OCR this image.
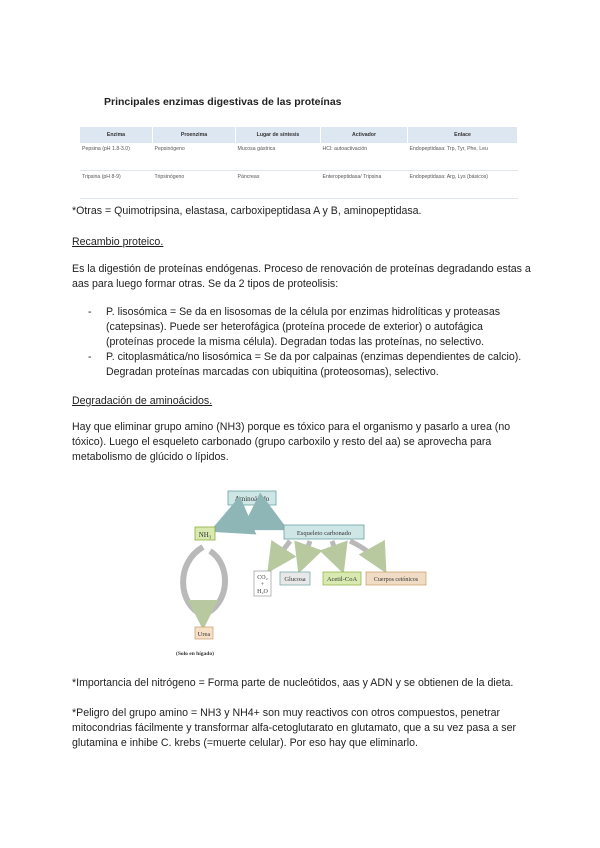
Principales enzimas digestivas de las proteínas
Enzima	Proenzima	Lugar de síntesis	Activador	Enlace
Pepsina (pH 1.8-3.0)	Pepsinógeno	Mucosa gástrica	HCl: autoactivación	Endopeptidasa: Trp, Tyr, Phe, Leu
Tripsina (pH 8-9)	Tripsinógeno	Páncreas	Enteropeptidasa/ Tripsina	Endopeptidasa: Arg, Lys (básicos)
*Otras = Quimotripsina, elastasa, carboxipeptidasa A y B, aminopeptidasa.
Recambio proteico.
Es la digestión de proteínas endógenas. Proceso de renovación de proteínas degradando estas a aas para luego formar otras. Se da 2 tipos de proteolisis:
- P. lisosómica = Se da en lisosomas de la célula por enzimas hidrolíticas y proteasas (catepsinas). Puede ser heterofágica (proteína procede de exterior) o autofágica (proteínas procede la misma célula). Degradan todas las proteínas, no selectivo.
- P. citoplasmática/no lisosómica = Se da por calpainas (enzimas dependientes de calcio). Degradan proteínas marcadas con ubiquitina (proteosomas), selectivo.
Degradación de aminoácidos.
Hay que eliminar grupo amino (NH3) porque es tóxico para el organismo y pasarlo a urea (no tóxico). Luego el esqueleto carbonado (grupo carboxilo y resto del aa) se aprovecha para metabolismo de glúcido o lípidos.
Aminoácido
NH₃	Esqueleto carbonado
CO₂
+
H₂O
Glucosa	Acetil-CoA	Cuerpos cetónicos
Urea
(Solo en hígado)
*Importancia del nitrógeno = Forma parte de nucleótidos, aas y ADN y se obtienen de la dieta.
*Peligro del grupo amino = NH3 y NH4+ son muy reactivos con otros compuestos, penetrar mitocondrias fácilmente y transformar alfa-cetoglutarato en glutamato, que a su vez pasa a ser glutamina e inhibe C. krebs (=muerte celular). Por eso hay que eliminarlo.
